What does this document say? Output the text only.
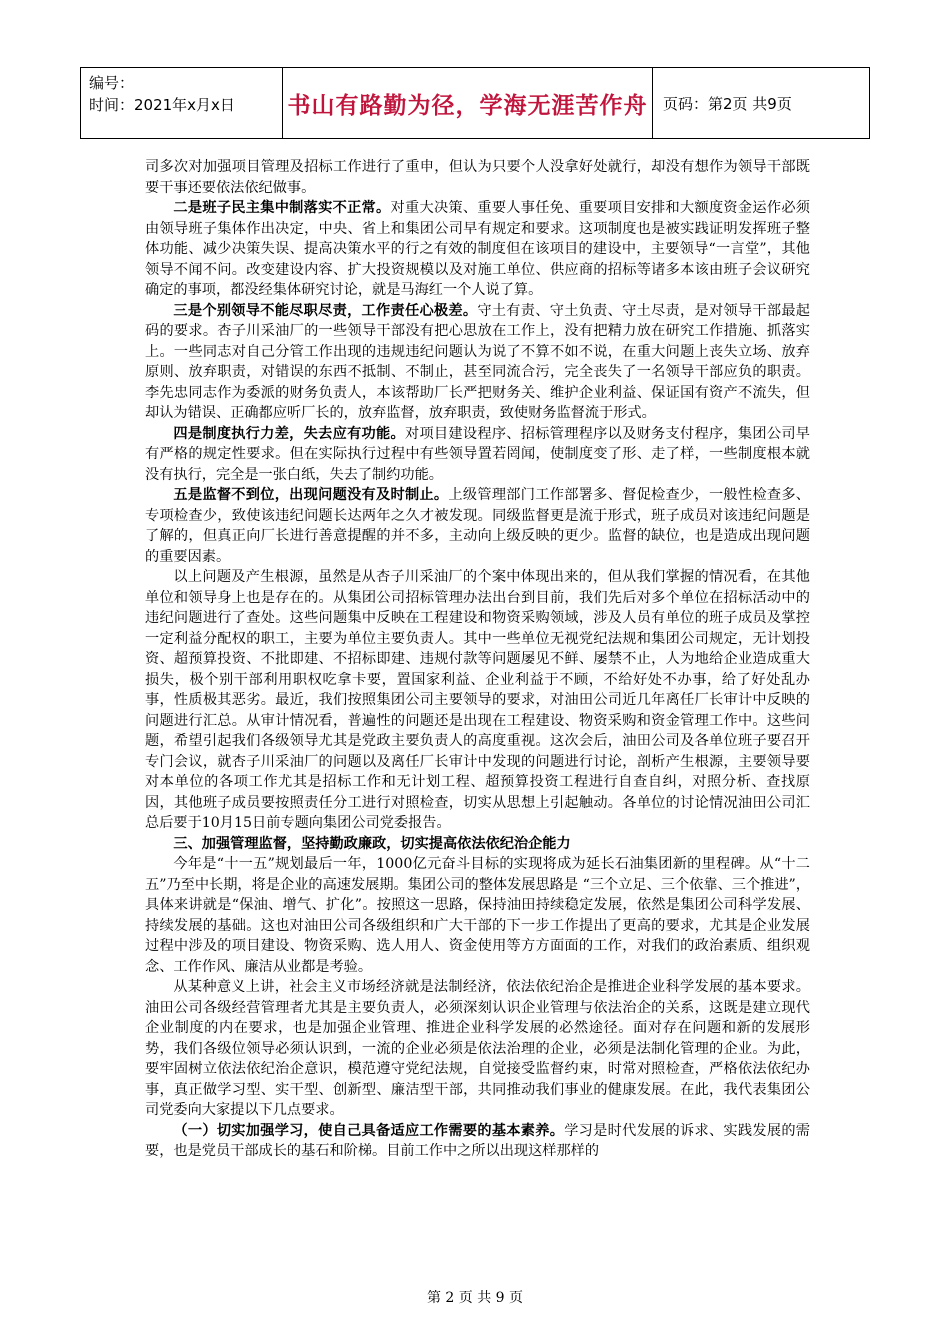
编号：
时间：2021年x月x日	书山有路勤为径，学海无涯苦作舟	页码：第2页 共9页

司多次对加强项目管理及招标工作进行了重申，但认为只要个人没拿好处就行，却没有想作为领导干部既要干事还要依法依纪做事。

二是班子民主集中制落实不正常。对重大决策、重要人事任免、重要项目安排和大额度资金运作必须由领导班子集体作出决定，中央、省上和集团公司早有规定和要求。这项制度也是被实践证明发挥班子整体功能、减少决策失误、提高决策水平的行之有效的制度但在该项目的建设中，主要领导“一言堂”，其他领导不闻不问。改变建设内容、扩大投资规模以及对施工单位、供应商的招标等诸多本该由班子会议研究确定的事项，都没经集体研究讨论，就是马海红一个人说了算。

三是个别领导不能尽职尽责，工作责任心极差。守土有责、守土负责、守土尽责，是对领导干部最起码的要求。杏子川采油厂的一些领导干部没有把心思放在工作上，没有把精力放在研究工作措施、抓落实上。一些同志对自己分管工作出现的违规违纪问题认为说了不算不如不说，在重大问题上丧失立场、放弃原则、放弃职责，对错误的东西不抵制、不制止，甚至同流合污，完全丧失了一名领导干部应负的职责。李先忠同志作为委派的财务负责人，本该帮助厂长严把财务关、维护企业利益、保证国有资产不流失，但却认为错误、正确都应听厂长的，放弃监督，放弃职责，致使财务监督流于形式。

四是制度执行力差，失去应有功能。对项目建设程序、招标管理程序以及财务支付程序，集团公司早有严格的规定性要求。但在实际执行过程中有些领导置若罔闻，使制度变了形、走了样，一些制度根本就没有执行，完全是一张白纸，失去了制约功能。

五是监督不到位，出现问题没有及时制止。上级管理部门工作部署多、督促检查少，一般性检查多、专项检查少，致使该违纪问题长达两年之久才被发现。同级监督更是流于形式，班子成员对该违纪问题是了解的，但真正向厂长进行善意提醒的并不多，主动向上级反映的更少。监督的缺位，也是造成出现问题的重要因素。

以上问题及产生根源，虽然是从杏子川采油厂的个案中体现出来的，但从我们掌握的情况看，在其他单位和领导身上也是存在的。从集团公司招标管理办法出台到目前，我们先后对多个单位在招标活动中的违纪问题进行了查处。这些问题集中反映在工程建设和物资采购领域，涉及人员有单位的班子成员及掌控一定利益分配权的职工，主要为单位主要负责人。其中一些单位无视党纪法规和集团公司规定，无计划投资、超预算投资、不批即建、不招标即建、违规付款等问题屡见不鲜、屡禁不止，人为地给企业造成重大损失，极个别干部利用职权吃拿卡要，置国家利益、企业利益于不顾，不给好处不办事，给了好处乱办事，性质极其恶劣。最近，我们按照集团公司主要领导的要求，对油田公司近几年离任厂长审计中反映的问题进行汇总。从审计情况看，普遍性的问题还是出现在工程建设、物资采购和资金管理工作中。这些问题，希望引起我们各级领导尤其是党政主要负责人的高度重视。这次会后，油田公司及各单位班子要召开专门会议，就杏子川采油厂的问题以及离任厂长审计中发现的问题进行讨论，剖析产生根源，主要领导要对本单位的各项工作尤其是招标工作和无计划工程、超预算投资工程进行自查自纠，对照分析、查找原因，其他班子成员要按照责任分工进行对照检查，切实从思想上引起触动。各单位的讨论情况油田公司汇总后要于10月15日前专题向集团公司党委报告。

三、加强管理监督，坚持勤政廉政，切实提高依法依纪治企能力

今年是“十一五”规划最后一年，1000亿元奋斗目标的实现将成为延长石油集团新的里程碑。从“十二五”乃至中长期，将是企业的高速发展期。集团公司的整体发展思路是 “三个立足、三个依靠、三个推进”，具体来讲就是“保油、增气、扩化”。按照这一思路，保持油田持续稳定发展，依然是集团公司科学发展、持续发展的基础。这也对油田公司各级组织和广大干部的下一步工作提出了更高的要求，尤其是企业发展过程中涉及的项目建设、物资采购、选人用人、资金使用等方方面面的工作，对我们的政治素质、组织观念、工作作风、廉洁从业都是考验。

从某种意义上讲，社会主义市场经济就是法制经济，依法依纪治企是推进企业科学发展的基本要求。油田公司各级经营管理者尤其是主要负责人，必须深刻认识企业管理与依法治企的关系，这既是建立现代企业制度的内在要求，也是加强企业管理、推进企业科学发展的必然途径。面对存在问题和新的发展形势，我们各级位领导必须认识到，一流的企业必须是依法治理的企业，必须是法制化管理的企业。为此，要牢固树立依法依纪治企意识，模范遵守党纪法规，自觉接受监督约束，时常对照检查，严格依法依纪办事，真正做学习型、实干型、创新型、廉洁型干部，共同推动我们事业的健康发展。在此，我代表集团公司党委向大家提以下几点要求。

（一）切实加强学习，使自己具备适应工作需要的基本素养。学习是时代发展的诉求、实践发展的需要，也是党员干部成长的基石和阶梯。目前工作中之所以出现这样那样的

第 2 页 共 9 页
